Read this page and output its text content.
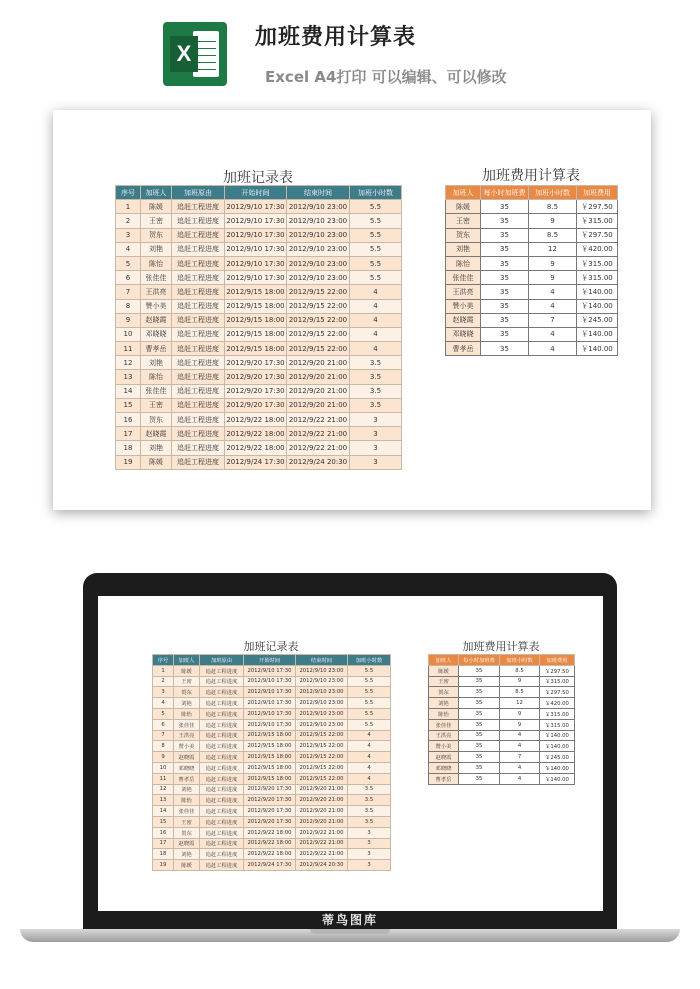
X
加班费用计算表
Excel A4打印 可以编辑、可以修改
加班记录表
序号	加班人	加班原由	开始时间	结束时间	加班小时数
1	陈媛	追赶工程进度	2012/9/10 17:30	2012/9/10 23:00	5.5
2	王密	追赶工程进度	2012/9/10 17:30	2012/9/10 23:00	5.5
3	贺东	追赶工程进度	2012/9/10 17:30	2012/9/10 23:00	5.5
4	刘艳	追赶工程进度	2012/9/10 17:30	2012/9/10 23:00	5.5
5	陈怡	追赶工程进度	2012/9/10 17:30	2012/9/10 23:00	5.5
6	张佳佳	追赶工程进度	2012/9/10 17:30	2012/9/10 23:00	5.5
7	王洪亮	追赶工程进度	2012/9/15 18:00	2012/9/15 22:00	4
8	赞小美	追赶工程进度	2012/9/15 18:00	2012/9/15 22:00	4
9	赵晓霞	追赶工程进度	2012/9/15 18:00	2012/9/15 22:00	4
10	邓晓晓	追赶工程进度	2012/9/15 18:00	2012/9/15 22:00	4
11	曹孝岳	追赶工程进度	2012/9/15 18:00	2012/9/15 22:00	4
12	刘艳	追赶工程进度	2012/9/20 17:30	2012/9/20 21:00	3.5
13	陈怡	追赶工程进度	2012/9/20 17:30	2012/9/20 21:00	3.5
14	张佳佳	追赶工程进度	2012/9/20 17:30	2012/9/20 21:00	3.5
15	王密	追赶工程进度	2012/9/20 17:30	2012/9/20 21:00	3.5
16	贺东	追赶工程进度	2012/9/22 18:00	2012/9/22 21:00	3
17	赵晓霞	追赶工程进度	2012/9/22 18:00	2012/9/22 21:00	3
18	刘艳	追赶工程进度	2012/9/22 18:00	2012/9/22 21:00	3
19	陈媛	追赶工程进度	2012/9/24 17:30	2012/9/24 20:30	3
加班费用计算表
加班人	每小时加班费	加班小时数	加班费用
陈媛	35	8.5	￥297.50
王密	35	9	￥315.00
贺东	35	8.5	￥297.50
刘艳	35	12	￥420.00
陈怡	35	9	￥315.00
张佳佳	35	9	￥315.00
王洪亮	35	4	￥140.00
赞小美	35	4	￥140.00
赵晓霞	35	7	￥245.00
邓晓晓	35	4	￥140.00
曹孝岳	35	4	￥140.00
加班记录表
序号	加班人	加班原由	开始时间	结束时间	加班小时数
1	陈媛	追赶工程进度	2012/9/10 17:30	2012/9/10 23:00	5.5
2	王密	追赶工程进度	2012/9/10 17:30	2012/9/10 23:00	5.5
3	贺东	追赶工程进度	2012/9/10 17:30	2012/9/10 23:00	5.5
4	刘艳	追赶工程进度	2012/9/10 17:30	2012/9/10 23:00	5.5
5	陈怡	追赶工程进度	2012/9/10 17:30	2012/9/10 23:00	5.5
6	张佳佳	追赶工程进度	2012/9/10 17:30	2012/9/10 23:00	5.5
7	王洪亮	追赶工程进度	2012/9/15 18:00	2012/9/15 22:00	4
8	赞小美	追赶工程进度	2012/9/15 18:00	2012/9/15 22:00	4
9	赵晓霞	追赶工程进度	2012/9/15 18:00	2012/9/15 22:00	4
10	邓晓晓	追赶工程进度	2012/9/15 18:00	2012/9/15 22:00	4
11	曹孝岳	追赶工程进度	2012/9/15 18:00	2012/9/15 22:00	4
12	刘艳	追赶工程进度	2012/9/20 17:30	2012/9/20 21:00	3.5
13	陈怡	追赶工程进度	2012/9/20 17:30	2012/9/20 21:00	3.5
14	张佳佳	追赶工程进度	2012/9/20 17:30	2012/9/20 21:00	3.5
15	王密	追赶工程进度	2012/9/20 17:30	2012/9/20 21:00	3.5
16	贺东	追赶工程进度	2012/9/22 18:00	2012/9/22 21:00	3
17	赵晓霞	追赶工程进度	2012/9/22 18:00	2012/9/22 21:00	3
18	刘艳	追赶工程进度	2012/9/22 18:00	2012/9/22 21:00	3
19	陈媛	追赶工程进度	2012/9/24 17:30	2012/9/24 20:30	3
加班费用计算表
加班人	每小时加班费	加班小时数	加班费用
陈媛	35	8.5	￥297.50
王密	35	9	￥315.00
贺东	35	8.5	￥297.50
刘艳	35	12	￥420.00
陈怡	35	9	￥315.00
张佳佳	35	9	￥315.00
王洪亮	35	4	￥140.00
赞小美	35	4	￥140.00
赵晓霞	35	7	￥245.00
邓晓晓	35	4	￥140.00
曹孝岳	35	4	￥140.00
蒂鸟图库
